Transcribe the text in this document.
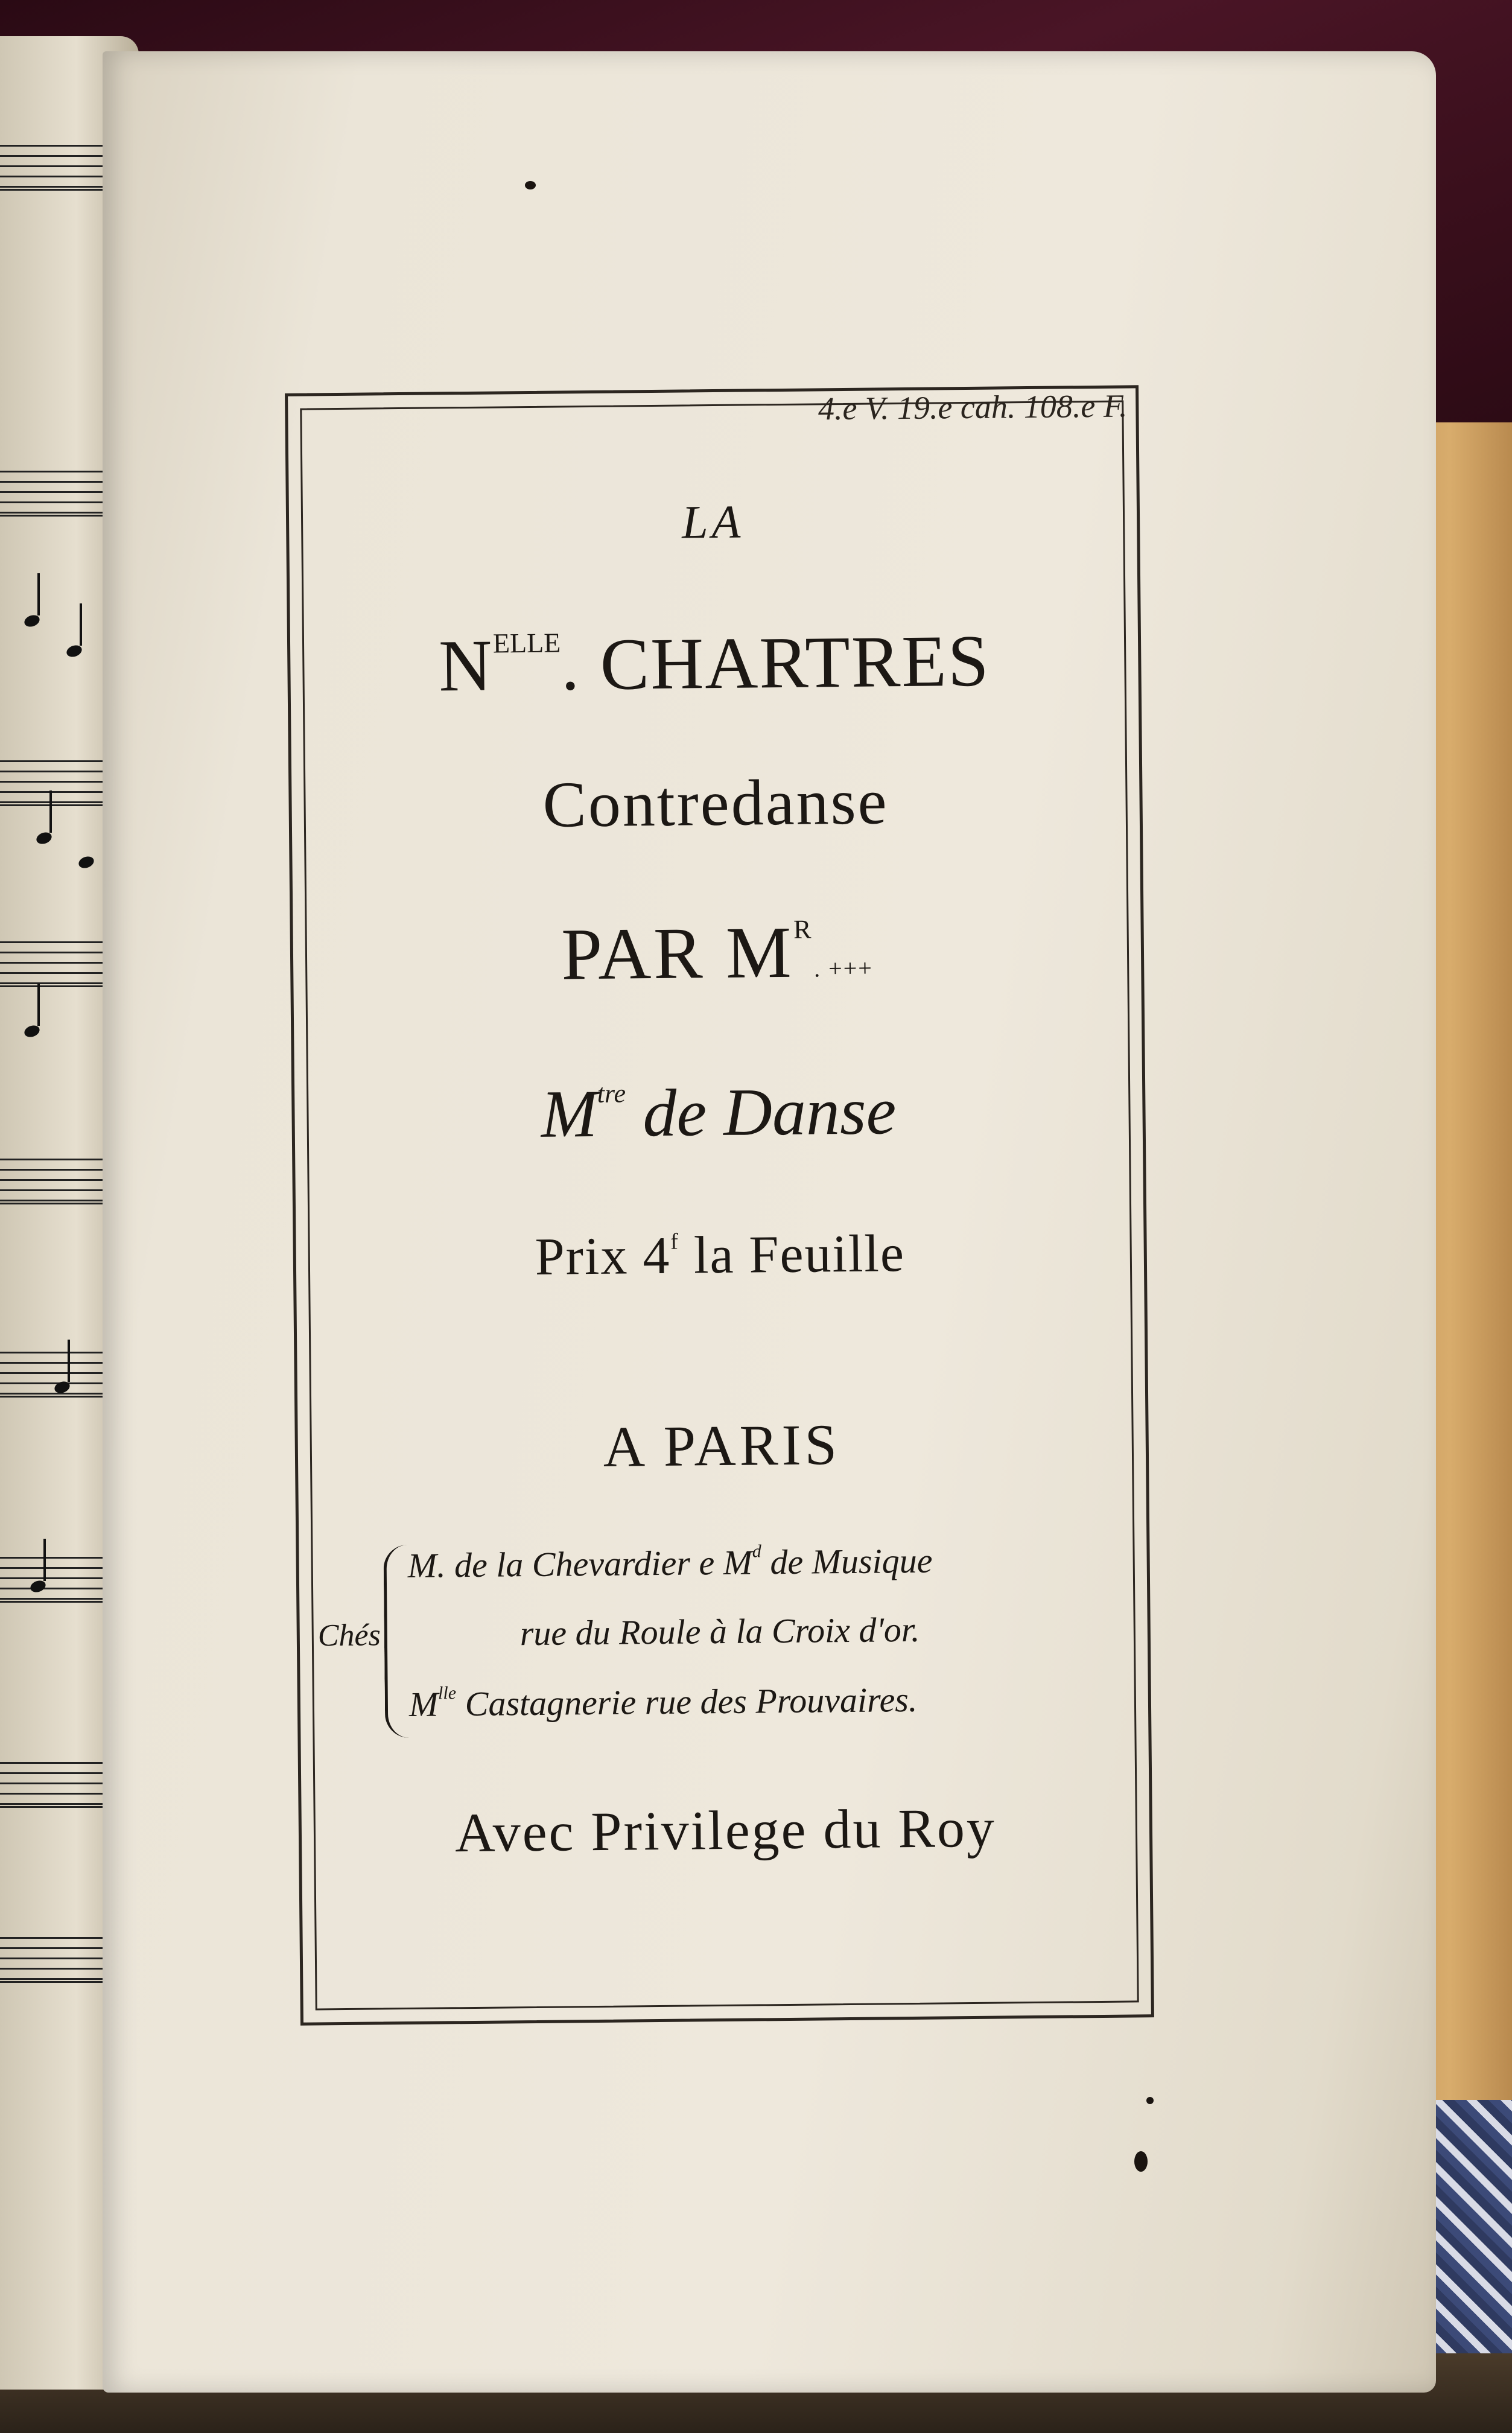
4.e V. 19.e cah. 108.e F.
LA
$N^{ELLE}$. CHARTRES
Contredanse
PAR $M^R$. +++
$M^{tre}$ de Danse
Prix 4$^f$ la Feuille
A PARIS
Chés
M. de la Chevardier e $M^d$ de Musique
rue du Roule à la Croix d'or.
$M^{lle}$ Castagnerie rue des Prouvaires.
Avec Privilege du Roy
